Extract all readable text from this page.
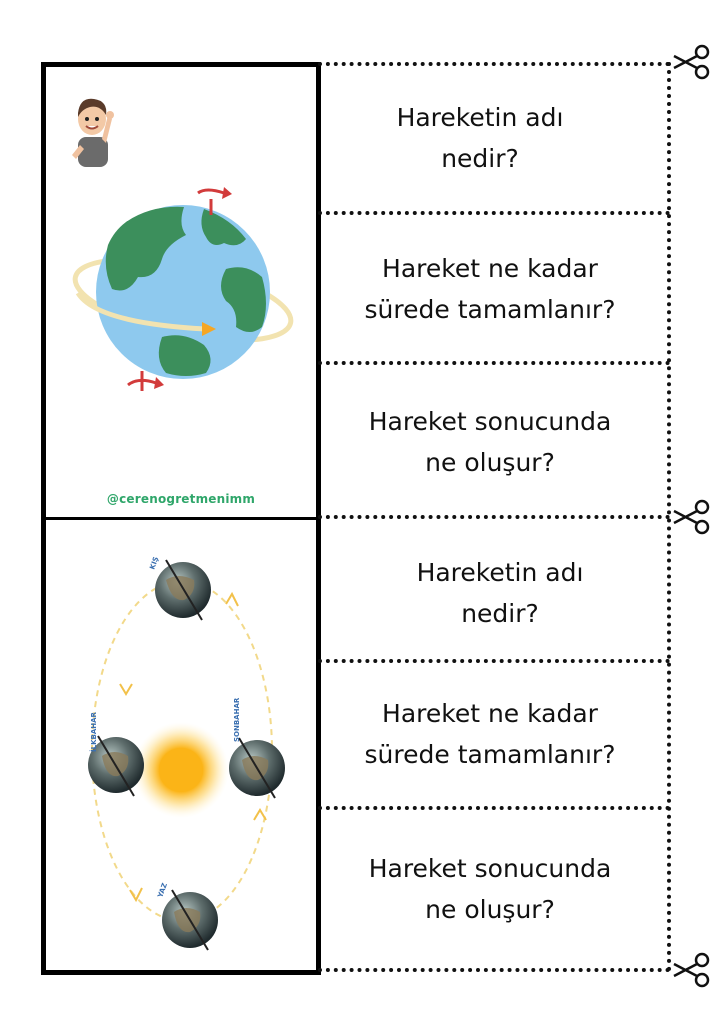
@cerenogretmenimm
KIŞ
İLKBAHAR	SONBAHAR
YAZ
Hareketin adı
nedir?
Hareket ne kadar
sürede tamamlanır?
Hareket sonucunda
ne oluşur?
Hareketin adı
nedir?
Hareket ne kadar
sürede tamamlanır?
Hareket sonucunda
ne oluşur?
